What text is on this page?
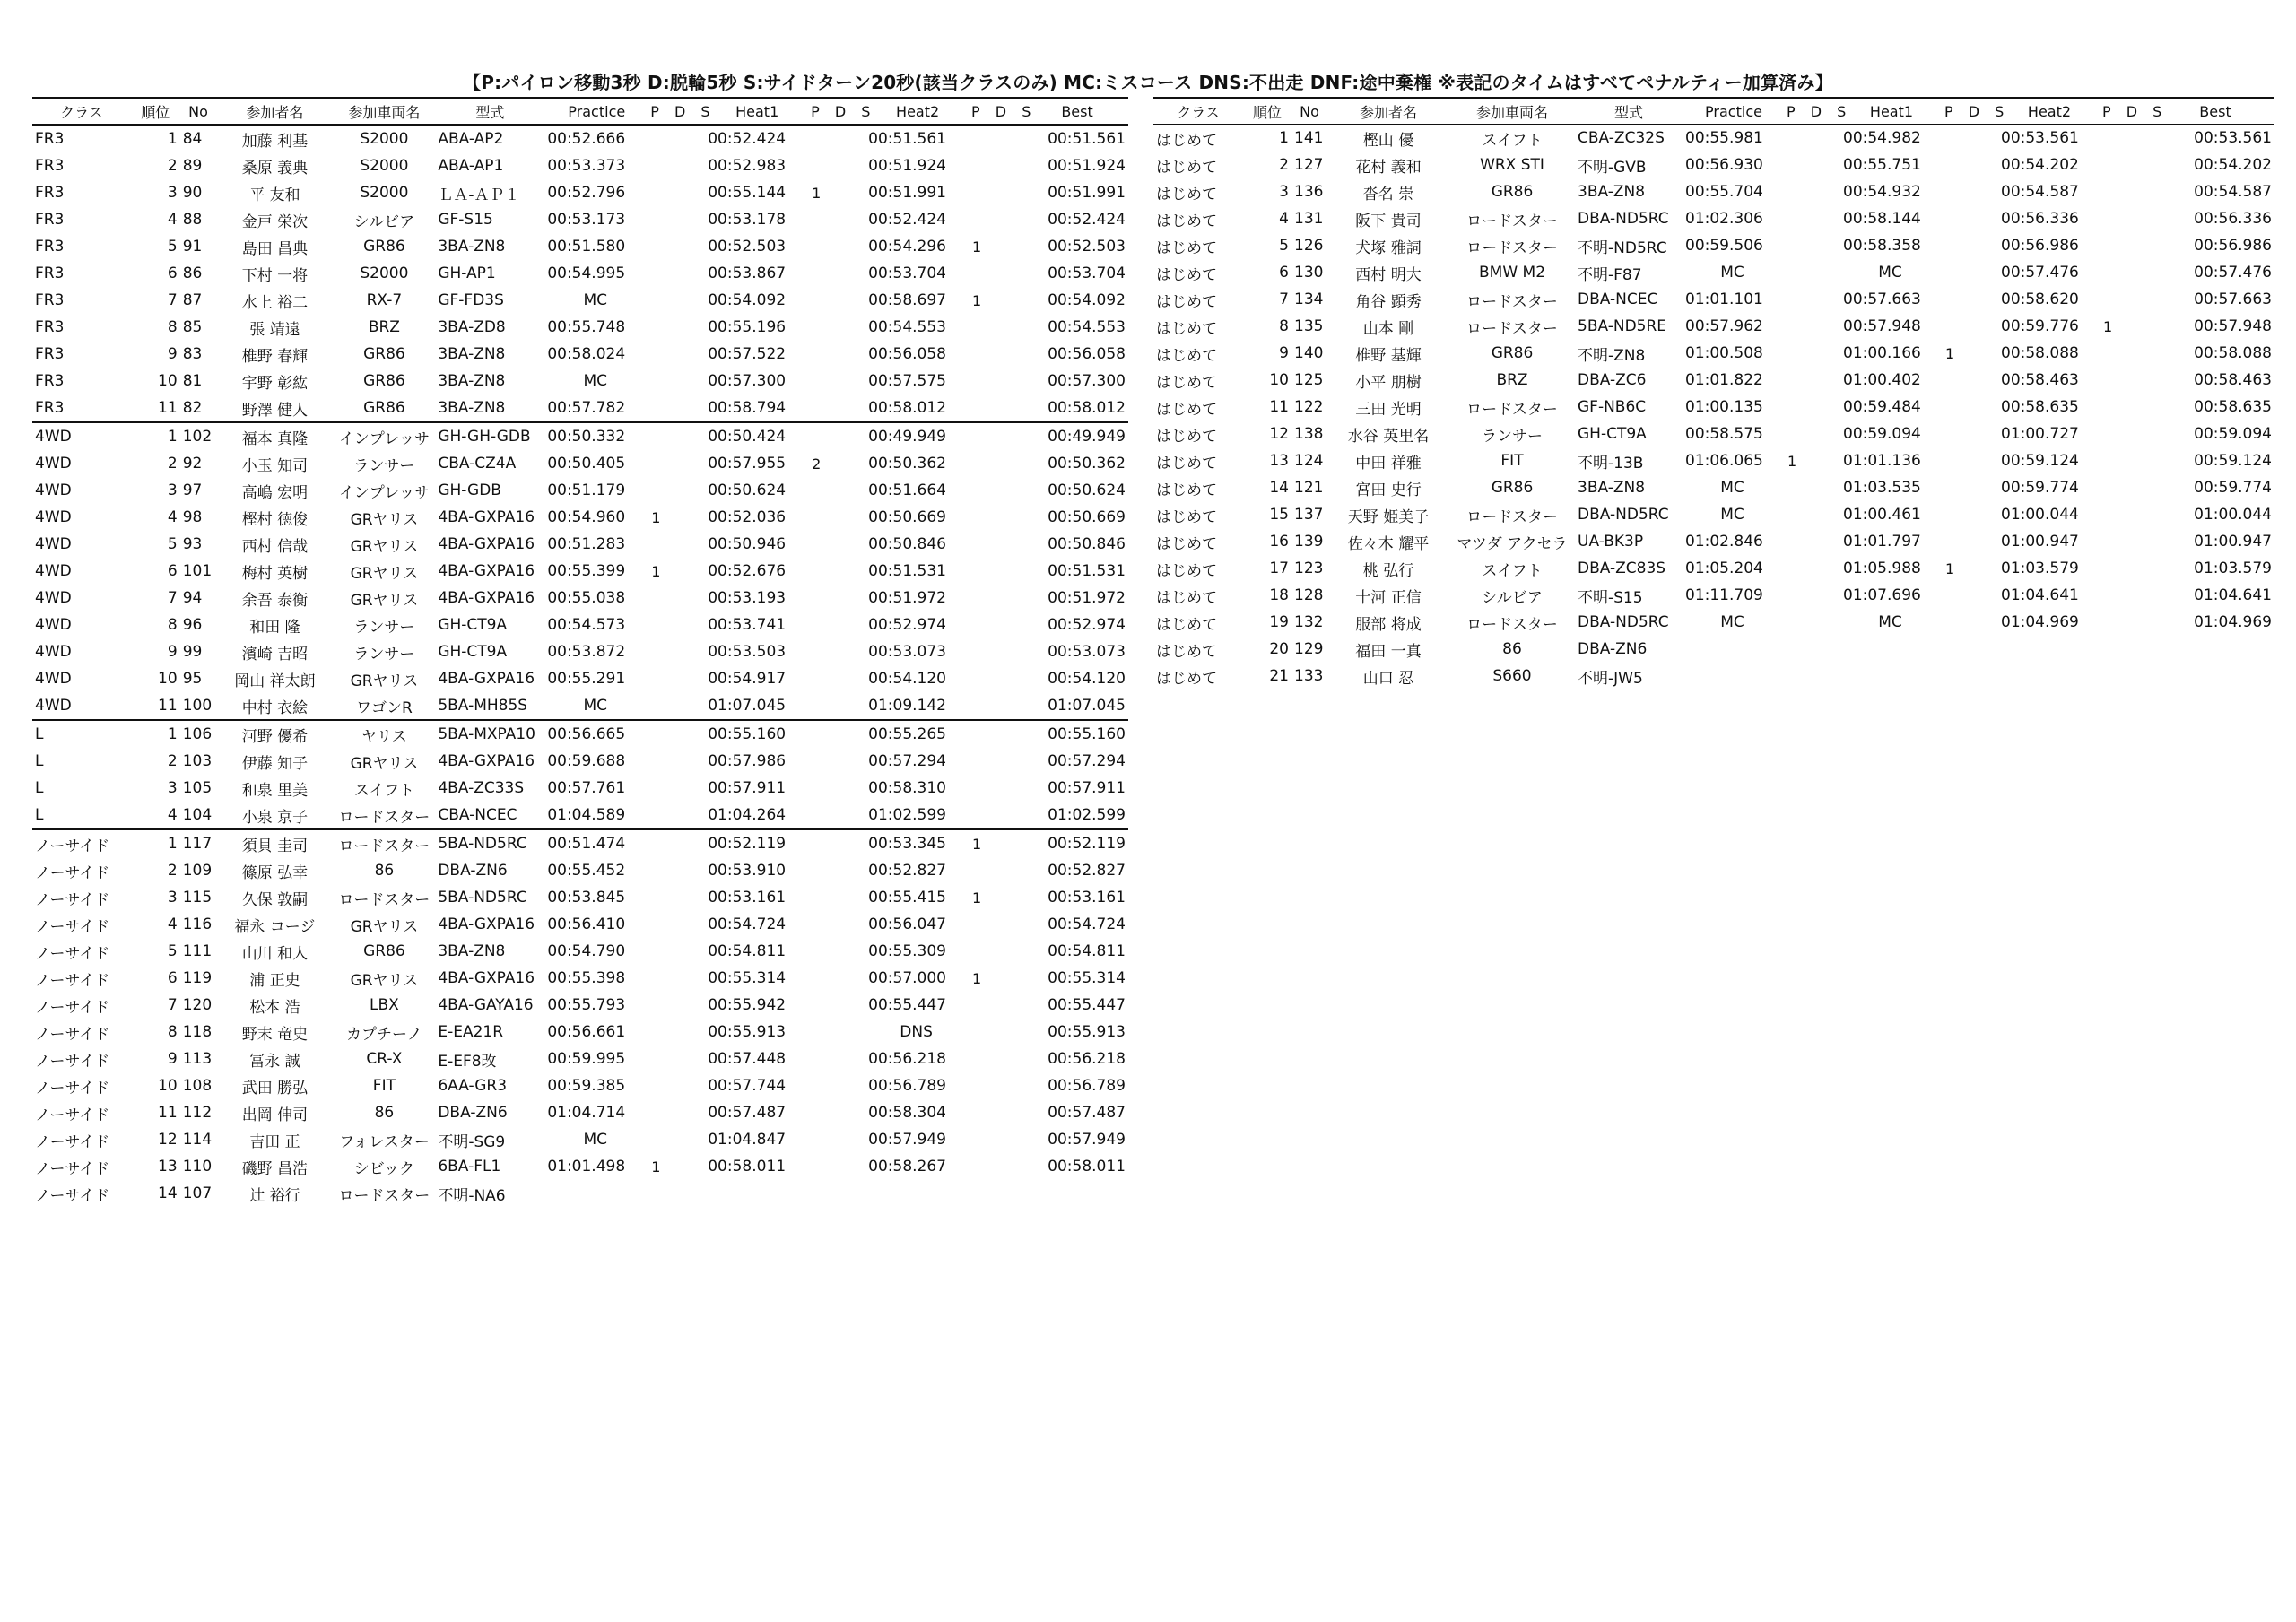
【P:パイロン移動3秒 D:脱輪5秒 S:サイドターン20秒(該当クラスのみ) MC:ミスコース DNS:不出走 DNF:途中棄権 ※表記のタイムはすべてペナルティー加算済み】
クラス	順位	No	参加者名	参加車両名	型式	Practice	P D S	Heat1	P D S	Heat2	P D S	Best
FR3	1	84	加藤 利基	S2000	ABA-AP2	00:52.666		00:52.424		00:51.561		00:51.561
FR3	2	89	桑原 義典	S2000	ABA-AP1	00:53.373		00:52.983		00:51.924		00:51.924
FR3	3	90	平 友和	S2000	ＬＡ-ＡＰ１	00:52.796		00:55.144	1	00:51.991		00:51.991
FR3	4	88	金戸 栄次	シルビア	GF-S15	00:53.173		00:53.178		00:52.424		00:52.424
FR3	5	91	島田 昌典	GR86	3BA-ZN8	00:51.580		00:52.503		00:54.296	1	00:52.503
FR3	6	86	下村 一将	S2000	GH-AP1	00:54.995		00:53.867		00:53.704		00:53.704
FR3	7	87	水上 裕二	RX-7	GF-FD3S	MC		00:54.092		00:58.697	1	00:54.092
FR3	8	85	張 靖遠	BRZ	3BA-ZD8	00:55.748		00:55.196		00:54.553		00:54.553
FR3	9	83	椎野 春輝	GR86	3BA-ZN8	00:58.024		00:57.522		00:56.058		00:56.058
FR3	10	81	宇野 彰紘	GR86	3BA-ZN8	MC		00:57.300		00:57.575		00:57.300
FR3	11	82	野澤 健人	GR86	3BA-ZN8	00:57.782		00:58.794		00:58.012		00:58.012
4WD	1	102	福本 真隆	インプレッサ	GH-GH-GDB	00:50.332		00:50.424		00:49.949		00:49.949
4WD	2	92	小玉 知司	ランサー	CBA-CZ4A	00:50.405		00:57.955	2	00:50.362		00:50.362
4WD	3	97	高嶋 宏明	インプレッサ	GH-GDB	00:51.179		00:50.624		00:51.664		00:50.624
4WD	4	98	樫村 徳俊	GRヤリス	4BA-GXPA16	00:54.960	1	00:52.036		00:50.669		00:50.669
4WD	5	93	西村 信哉	GRヤリス	4BA-GXPA16	00:51.283		00:50.946		00:50.846		00:50.846
4WD	6	101	梅村 英樹	GRヤリス	4BA-GXPA16	00:55.399	1	00:52.676		00:51.531		00:51.531
4WD	7	94	余吾 泰衡	GRヤリス	4BA-GXPA16	00:55.038		00:53.193		00:51.972		00:51.972
4WD	8	96	和田 隆	ランサー	GH-CT9A	00:54.573		00:53.741		00:52.974		00:52.974
4WD	9	99	濱崎 吉昭	ランサー	GH-CT9A	00:53.872		00:53.503		00:53.073		00:53.073
4WD	10	95	岡山 祥太朗	GRヤリス	4BA-GXPA16	00:55.291		00:54.917		00:54.120		00:54.120
4WD	11	100	中村 衣絵	ワゴンR	5BA-MH85S	MC		01:07.045		01:09.142		01:07.045
L	1	106	河野 優希	ヤリス	5BA-MXPA10	00:56.665		00:55.160		00:55.265		00:55.160
L	2	103	伊藤 知子	GRヤリス	4BA-GXPA16	00:59.688		00:57.986		00:57.294		00:57.294
L	3	105	和泉 里美	スイフト	4BA-ZC33S	00:57.761		00:57.911		00:58.310		00:57.911
L	4	104	小泉 京子	ロードスター	CBA-NCEC	01:04.589		01:04.264		01:02.599		01:02.599
ノーサイド	1	117	須貝 圭司	ロードスター	5BA-ND5RC	00:51.474		00:52.119		00:53.345	1	00:52.119
ノーサイド	2	109	篠原 弘幸	86	DBA-ZN6	00:55.452		00:53.910		00:52.827		00:52.827
ノーサイド	3	115	久保 敦嗣	ロードスター	5BA-ND5RC	00:53.845		00:53.161		00:55.415	1	00:53.161
ノーサイド	4	116	福永 コージ	GRヤリス	4BA-GXPA16	00:56.410		00:54.724		00:56.047		00:54.724
ノーサイド	5	111	山川 和人	GR86	3BA-ZN8	00:54.790		00:54.811		00:55.309		00:54.811
ノーサイド	6	119	浦 正史	GRヤリス	4BA-GXPA16	00:55.398		00:55.314		00:57.000	1	00:55.314
ノーサイド	7	120	松本 浩	LBX	4BA-GAYA16	00:55.793		00:55.942		00:55.447		00:55.447
ノーサイド	8	118	野末 竜史	カプチーノ	E-EA21R	00:56.661		00:55.913		DNS		00:55.913
ノーサイド	9	113	冨永 誠	CR-X	E-EF8改	00:59.995		00:57.448		00:56.218		00:56.218
ノーサイド	10	108	武田 勝弘	FIT	6AA-GR3	00:59.385		00:57.744		00:56.789		00:56.789
ノーサイド	11	112	出岡 伸司	86	DBA-ZN6	01:04.714		00:57.487		00:58.304		00:57.487
ノーサイド	12	114	吉田 正	フォレスター	不明-SG9	MC		01:04.847		00:57.949		00:57.949
ノーサイド	13	110	磯野 昌浩	シビック	6BA-FL1	01:01.498	1	00:58.011		00:58.267		00:58.011
ノーサイド	14	107	辻 裕行	ロードスター	不明-NA6							
クラス	順位	No	参加者名	参加車両名	型式	Practice	P D S	Heat1	P D S	Heat2	P D S	Best
はじめて	1	141	樫山 優	スイフト	CBA-ZC32S	00:55.981		00:54.982		00:53.561		00:53.561
はじめて	2	127	花村 義和	WRX STI	不明-GVB	00:56.930		00:55.751		00:54.202		00:54.202
はじめて	3	136	沓名 崇	GR86	3BA-ZN8	00:55.704		00:54.932		00:54.587		00:54.587
はじめて	4	131	阪下 貴司	ロードスター	DBA-ND5RC	01:02.306		00:58.144		00:56.336		00:56.336
はじめて	5	126	犬塚 雅詞	ロードスター	不明-ND5RC	00:59.506		00:58.358		00:56.986		00:56.986
はじめて	6	130	西村 明大	BMW M2	不明-F87	MC		MC		00:57.476		00:57.476
はじめて	7	134	角谷 顕秀	ロードスター	DBA-NCEC	01:01.101		00:57.663		00:58.620		00:57.663
はじめて	8	135	山本 剛	ロードスター	5BA-ND5RE	00:57.962		00:57.948		00:59.776	1	00:57.948
はじめて	9	140	椎野 基輝	GR86	不明-ZN8	01:00.508		01:00.166	1	00:58.088		00:58.088
はじめて	10	125	小平 朋樹	BRZ	DBA-ZC6	01:01.822		01:00.402		00:58.463		00:58.463
はじめて	11	122	三田 光明	ロードスター	GF-NB6C	01:00.135		00:59.484		00:58.635		00:58.635
はじめて	12	138	水谷 英里名	ランサー	GH-CT9A	00:58.575		00:59.094		01:00.727		00:59.094
はじめて	13	124	中田 祥雅	FIT	不明-13B	01:06.065	1	01:01.136		00:59.124		00:59.124
はじめて	14	121	宮田 史行	GR86	3BA-ZN8	MC		01:03.535		00:59.774		00:59.774
はじめて	15	137	天野 姫美子	ロードスター	DBA-ND5RC	MC		01:00.461		01:00.044		01:00.044
はじめて	16	139	佐々木 耀平	マツダ アクセラ	UA-BK3P	01:02.846		01:01.797		01:00.947		01:00.947
はじめて	17	123	桃 弘行	スイフト	DBA-ZC83S	01:05.204		01:05.988	1	01:03.579		01:03.579
はじめて	18	128	十河 正信	シルビア	不明-S15	01:11.709		01:07.696		01:04.641		01:04.641
はじめて	19	132	服部 将成	ロードスター	DBA-ND5RC	MC		MC		01:04.969		01:04.969
はじめて	20	129	福田 一真	86	DBA-ZN6							
はじめて	21	133	山口 忍	S660	不明-JW5							
